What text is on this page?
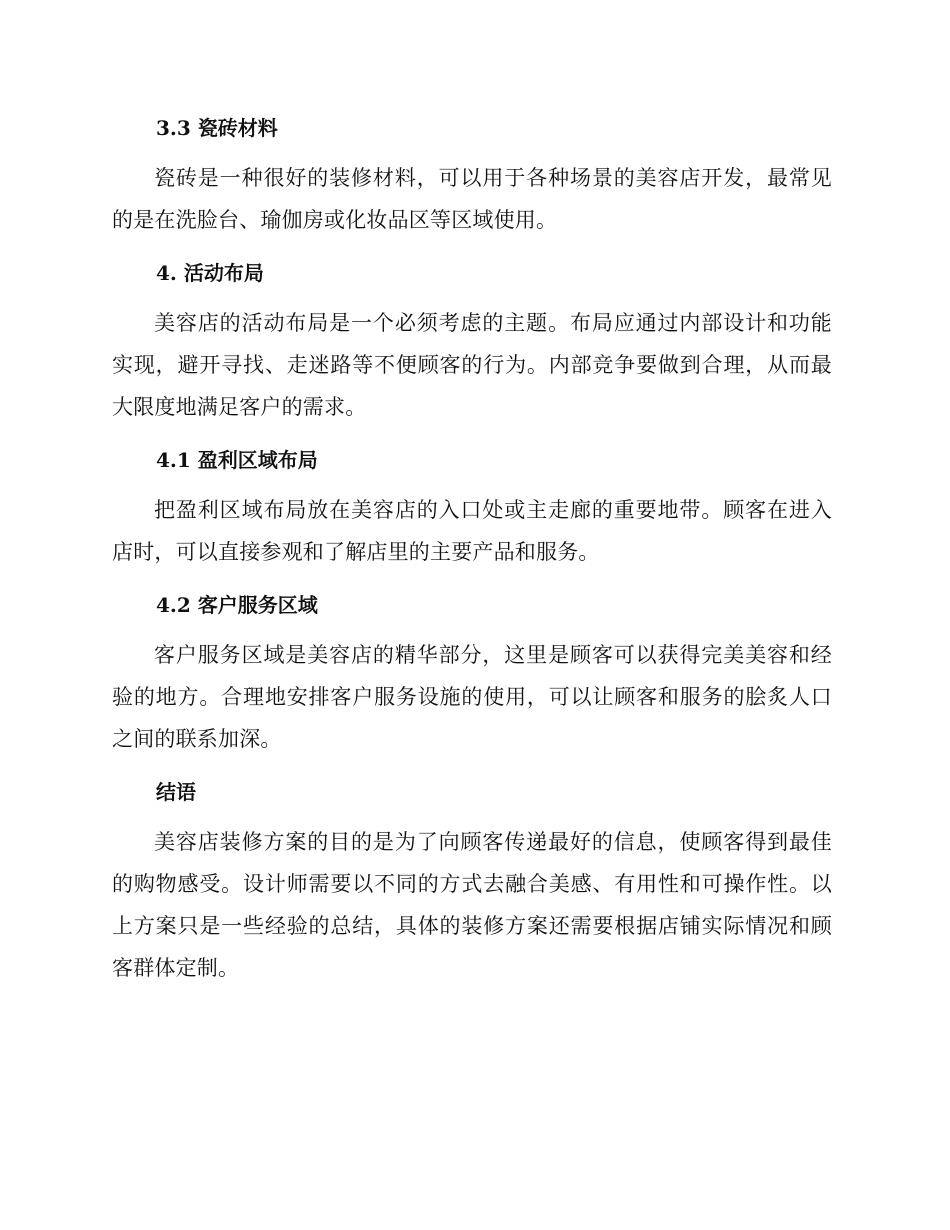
3.3 瓷砖材料

瓷砖是一种很好的装修材料，可以用于各种场景的美容店开发，最常见的是在洗脸台、瑜伽房或化妆品区等区域使用。

4. 活动布局

美容店的活动布局是一个必须考虑的主题。布局应通过内部设计和功能实现，避开寻找、走迷路等不便顾客的行为。内部竞争要做到合理，从而最大限度地满足客户的需求。

4.1 盈利区域布局

把盈利区域布局放在美容店的入口处或主走廊的重要地带。顾客在进入店时，可以直接参观和了解店里的主要产品和服务。

4.2 客户服务区域

客户服务区域是美容店的精华部分，这里是顾客可以获得完美美容和经验的地方。合理地安排客户服务设施的使用，可以让顾客和服务的脍炙人口之间的联系加深。

结语

美容店装修方案的目的是为了向顾客传递最好的信息，使顾客得到最佳的购物感受。设计师需要以不同的方式去融合美感、有用性和可操作性。以上方案只是一些经验的总结，具体的装修方案还需要根据店铺实际情况和顾客群体定制。
